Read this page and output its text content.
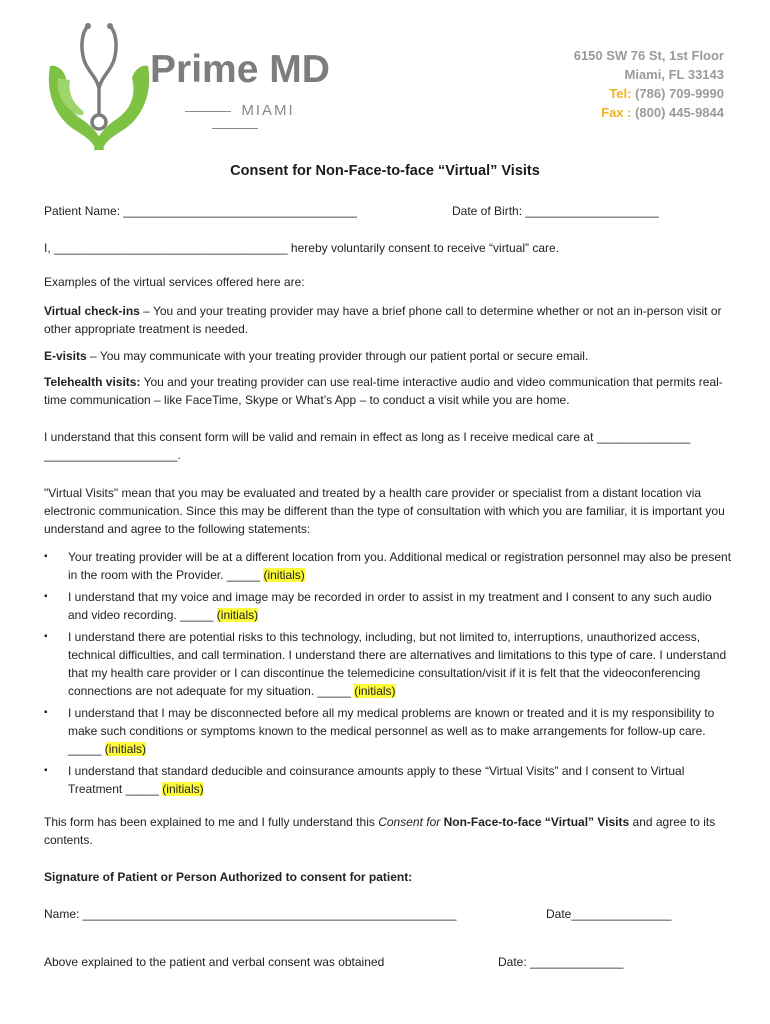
Prime MD
MIAMI
6150 SW 76 St, 1st Floor
Miami, FL 33143
Tel: (786) 709-9990
Fax : (800) 445-9844
Consent for Non-Face-to-face “Virtual” Visits
Patient Name: ___________________________________	Date of Birth: ____________________
I, ___________________________________ hereby voluntarily consent to receive “virtual” care.
Examples of the virtual services offered here are:
Virtual check-ins – You and your treating provider may have a brief phone call to determine whether or not an in-person visit or other appropriate treatment is needed.
E-visits – You may communicate with your treating provider through our patient portal or secure email.
Telehealth visits: You and your treating provider can use real-time interactive audio and video communication that permits real-time communication – like FaceTime, Skype or What’s App – to conduct a visit while you are home.
I understand that this consent form will be valid and remain in effect as long as I receive medical care at ______________
____________________.
"Virtual Visits" mean that you may be evaluated and treated by a health care provider or specialist from a distant location via electronic communication. Since this may be different than the type of consultation with which you are familiar, it is important you understand and agree to the following statements:
▪ Your treating provider will be at a different location from you. Additional medical or registration personnel may also be present in the room with the Provider. _____ (initials)
▪ I understand that my voice and image may be recorded in order to assist in my treatment and I consent to any such audio and video recording. _____ (initials)
▪ I understand there are potential risks to this technology, including, but not limited to, interruptions, unauthorized access, technical difficulties, and call termination. I understand there are alternatives and limitations to this type of care. I understand that my health care provider or I can discontinue the telemedicine consultation/visit if it is felt that the videoconferencing connections are not adequate for my situation. _____ (initials)
▪ I understand that I may be disconnected before all my medical problems are known or treated and it is my responsibility to make such conditions or symptoms known to the medical personnel as well as to make arrangements for follow-up care. _____ (initials)
▪ I understand that standard deducible and coinsurance amounts apply to these “Virtual Visits” and I consent to Virtual Treatment _____ (initials)
This form has been explained to me and I fully understand this Consent for Non-Face-to-face “Virtual” Visits and agree to its contents.
Signature of Patient or Person Authorized to consent for patient:
Name: ________________________________________________________	Date_______________
Above explained to the patient and verbal consent was obtained	Date: ______________
